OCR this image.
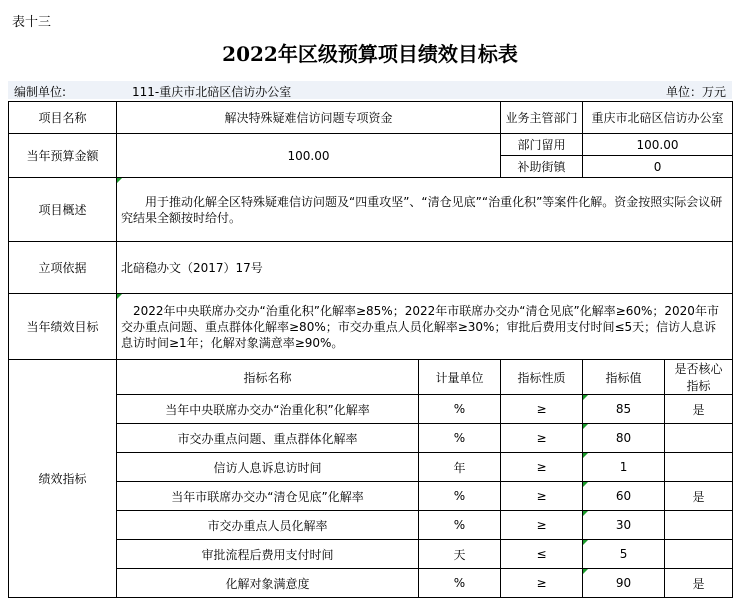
表十三
2022年区级预算项目绩效目标表
编制单位:	111-重庆市北碚区信访办公室	单位：万元
项目名称	解决特殊疑难信访问题专项资金		业务主管部门	重庆市北碚区信访办公室	
当年预算金额	100.00		部门留用	100.00	
			补助街镇	0	
项目概述	用于推动化解全区特殊疑难信访问题及“四重攻坚”、“清仓见底”“治重化积”等案件化解。资金按照实际会议研究结果全额按时给付。				
立项依据	北碚稳办文（2017）17号				
当年绩效目标	2022年中央联席办交办“治重化积”化解率≥85%；2022年市联席办交办“清仓见底”化解率≥60%；2020年市交办重点问题、重点群体化解率≥80%；市交办重点人员化解率≥30%；审批后费用支付时间≤5天；信访人息诉息访时间≥1年；化解对象满意率≥90%。				
绩效指标	指标名称	计量单位	指标性质	指标值	是否核心指标
	当年中央联席办交办“治重化积”化解率	%	≥	85	是
	市交办重点问题、重点群体化解率	%	≥	80	
	信访人息诉息访时间	年	≥	1	
	当年市联席办交办“清仓见底”化解率	%	≥	60	是
	市交办重点人员化解率	%	≥	30	
	审批流程后费用支付时间	天	≤	5	
	化解对象满意度	%	≥	90	是
